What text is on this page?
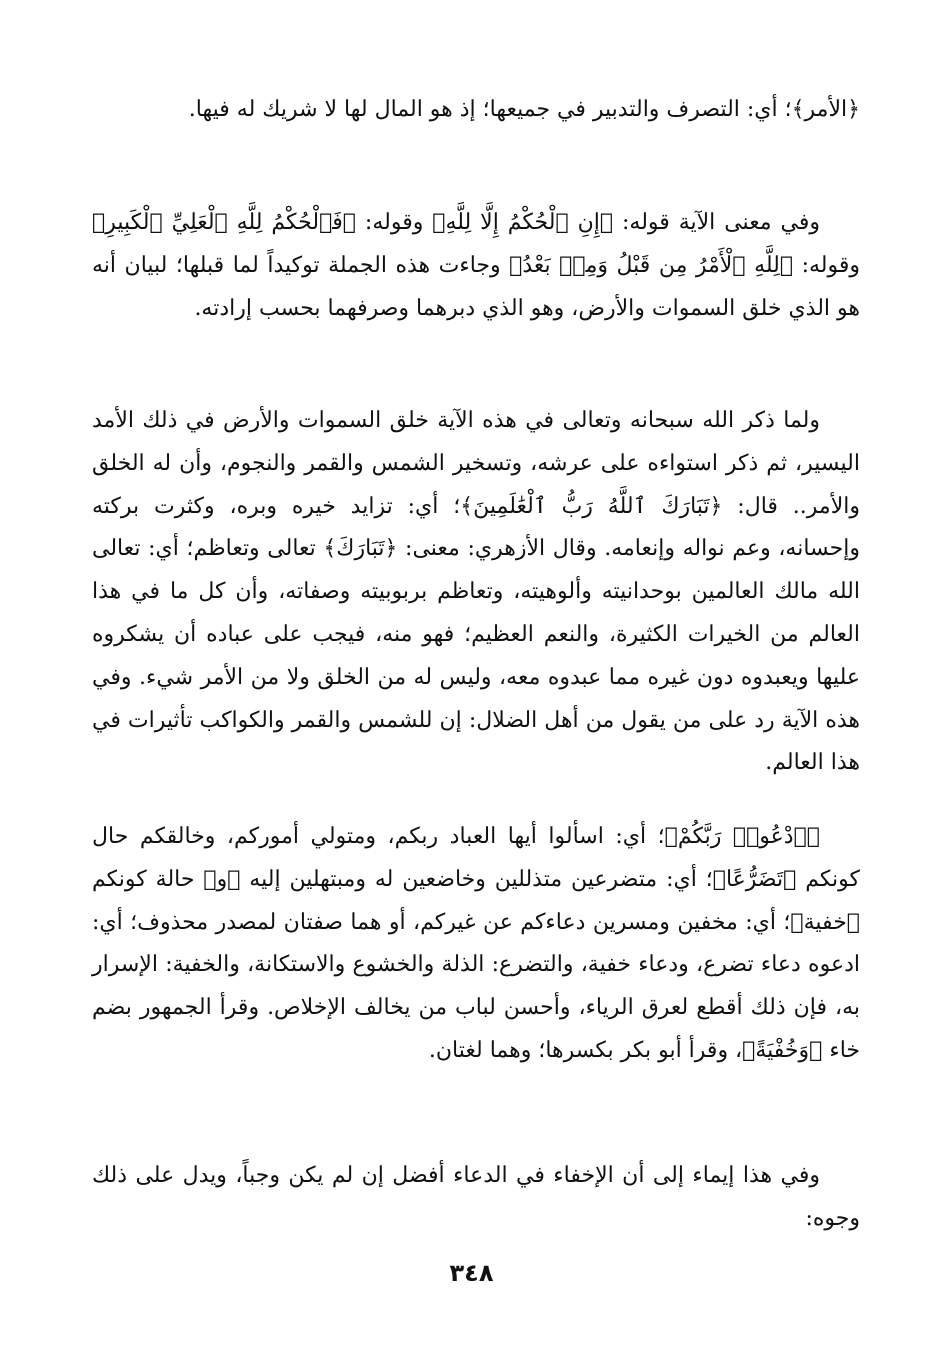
﴿الأمر﴾؛ أي: التصرف والتدبير في جميعها؛ إذ هو المال لها لا شريك له فيها.

وفي معنى الآية قوله: ﴿إِنِ ٱلْحُكْمُ إِلَّا لِلَّهِ﴾ وقوله: ﴿فَٱلْحُكْمُ لِلَّهِ ٱلْعَلِيِّ ٱلْكَبِيرِ﴾ وقوله: ﴿لِلَّهِ ٱلْأَمْرُ مِن قَبْلُ وَمِنۢ بَعْدُ﴾ وجاءت هذه الجملة توكيداً لما قبلها؛ لبيان أنه هو الذي خلق السموات والأرض، وهو الذي دبرهما وصرفهما بحسب إرادته.

ولما ذكر الله سبحانه وتعالى في هذه الآية خلق السموات والأرض في ذلك الأمد اليسير، ثم ذكر استواءه على عرشه، وتسخير الشمس والقمر والنجوم، وأن له الخلق والأمر.. قال: ﴿تَبَارَكَ ٱللَّهُ رَبُّ ٱلْعَٰلَمِينَ﴾؛ أي: تزايد خيره وبره، وكثرت بركته وإحسانه، وعم نواله وإنعامه. وقال الأزهري: معنى: ﴿تَبَارَكَ﴾ تعالى وتعاظم؛ أي: تعالى الله مالك العالمين بوحدانيته وألوهيته، وتعاظم بربوبيته وصفاته، وأن كل ما في هذا العالم من الخيرات الكثيرة، والنعم العظيم؛ فهو منه، فيجب على عباده أن يشكروه عليها ويعبدوه دون غيره مما عبدوه معه، وليس له من الخلق ولا من الأمر شيء. وفي هذه الآية رد على من يقول من أهل الضلال: إن للشمس والقمر والكواكب تأثيرات في هذا العالم.

﴿ٱدْعُوا۟ رَبَّكُمْ﴾؛ أي: اسألوا أيها العباد ربكم، ومتولي أموركم، وخالقكم حال كونكم ﴿تَضَرُّعًا﴾؛ أي: متضرعين متذللين وخاضعين له ومبتهلين إليه ﴿و﴾ حالة كونكم ﴿خفية﴾؛ أي: مخفين ومسرين دعاءكم عن غيركم، أو هما صفتان لمصدر محذوف؛ أي: ادعوه دعاء تضرع، ودعاء خفية، والتضرع: الذلة والخشوع والاستكانة، والخفية: الإسرار به، فإن ذلك أقطع لعرق الرياء، وأحسن لباب من يخالف الإخلاص. وقرأ الجمهور بضم خاء ﴿وَخُفْيَةً﴾، وقرأ أبو بكر بكسرها؛ وهما لغتان.

وفي هذا إيماء إلى أن الإخفاء في الدعاء أفضل إن لم يكن وجباً، ويدل على ذلك وجوه:

٣٤٨
